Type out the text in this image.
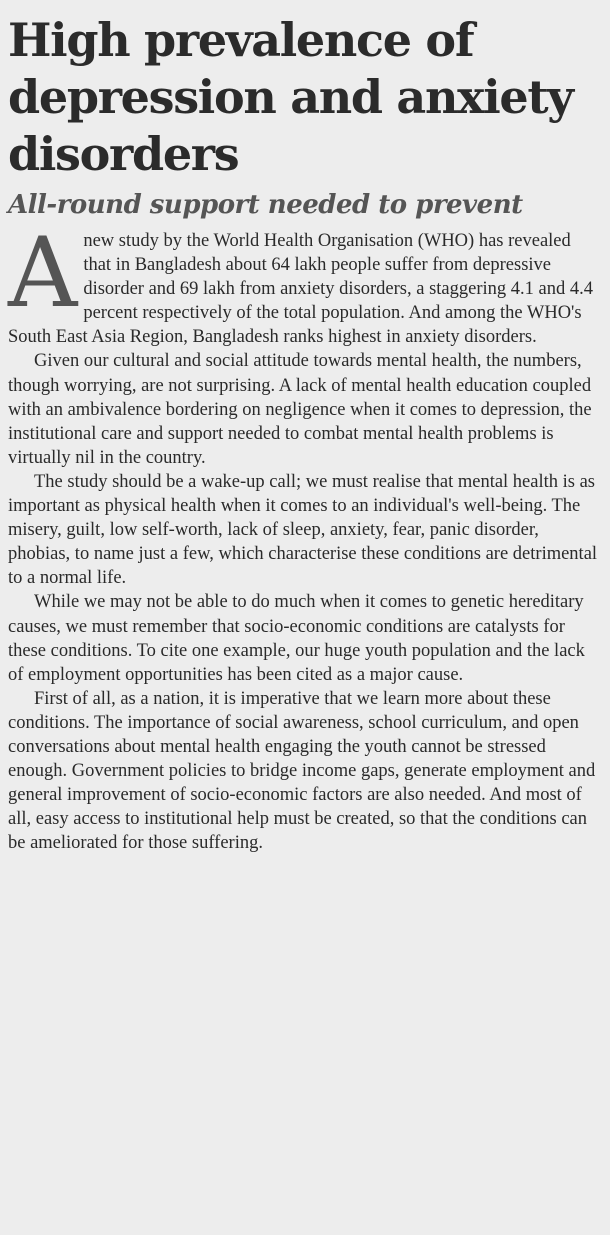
High prevalence of depression and anxiety disorders
All-round support needed to prevent

A new study by the World Health Organisation (WHO) has revealed that in Bangladesh about 64 lakh people suffer from depressive disorder and 69 lakh from anxiety disorders, a staggering 4.1 and 4.4 percent respectively of the total population. And among the WHO's South East Asia Region, Bangladesh ranks highest in anxiety disorders.

Given our cultural and social attitude towards mental health, the numbers, though worrying, are not surprising. A lack of mental health education coupled with an ambivalence bordering on negligence when it comes to depression, the institutional care and support needed to combat mental health problems is virtually nil in the country.

The study should be a wake-up call; we must realise that mental health is as important as physical health when it comes to an individual's well-being. The misery, guilt, low self-worth, lack of sleep, anxiety, fear, panic disorder, phobias, to name just a few, which characterise these conditions are detrimental to a normal life.

While we may not be able to do much when it comes to genetic hereditary causes, we must remember that socio-economic conditions are catalysts for these conditions. To cite one example, our huge youth population and the lack of employment opportunities has been cited as a major cause.

First of all, as a nation, it is imperative that we learn more about these conditions. The importance of social awareness, school curriculum, and open conversations about mental health engaging the youth cannot be stressed enough. Government policies to bridge income gaps, generate employment and general improvement of socio-economic factors are also needed. And most of all, easy access to institutional help must be created, so that the conditions can be ameliorated for those suffering.
